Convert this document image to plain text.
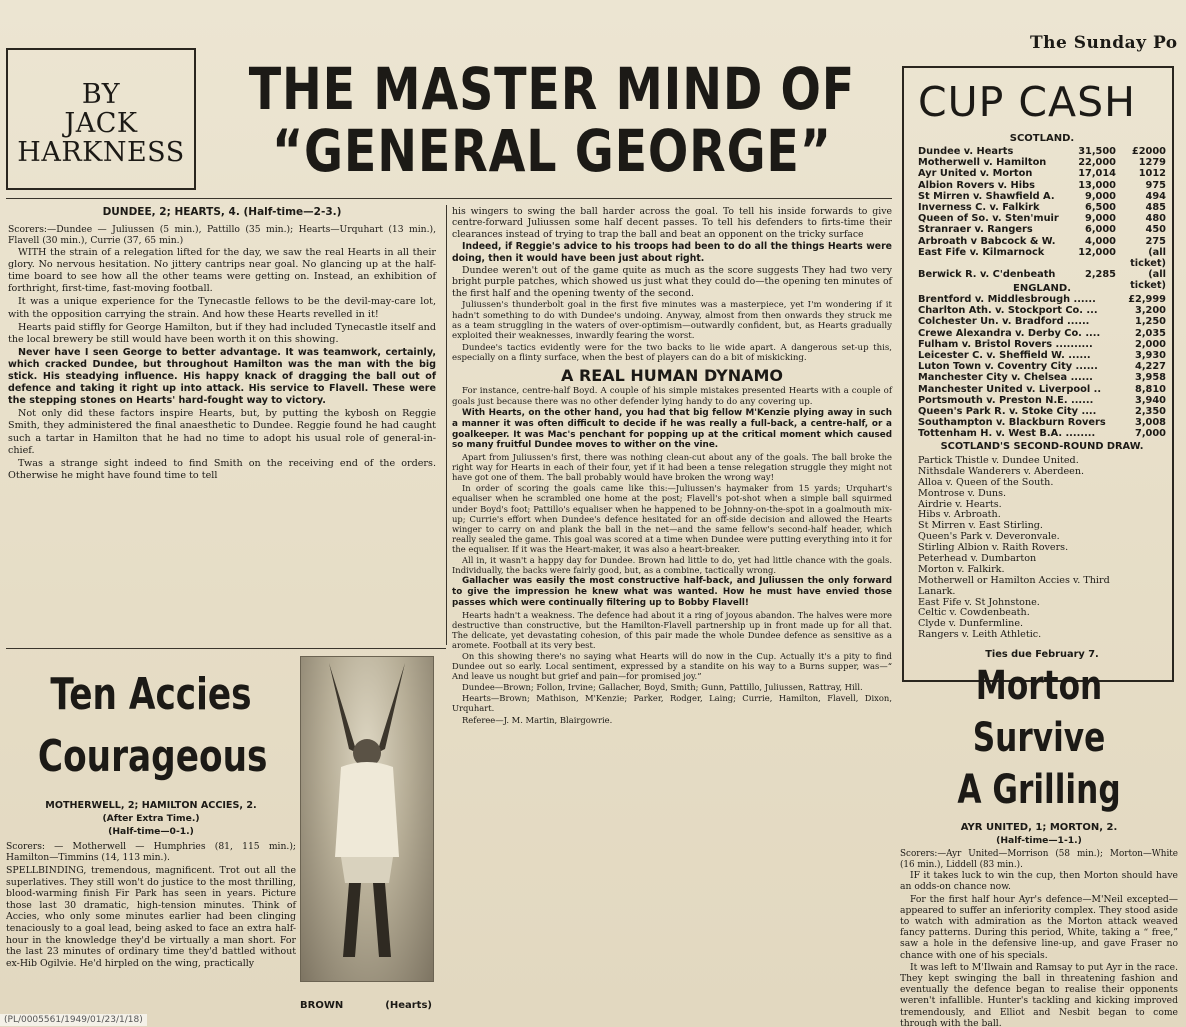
The Sunday Po
BY
JACK
HARKNESS
THE MASTER MIND OF
“GENERAL GEORGE”
DUNDEE, 2; HEARTS, 4. (Half-time—2-3.)

Scorers:—Dundee — Juliussen (5 min.), Pattillo (35 min.); Hearts—Urquhart (13 min.), Flavell (30 min.), Currie (37, 65 min.)

WITH the strain of a relegation lifted for the day, we saw the real Hearts in all their glory. No nervous hesitation. No jittery cantrips near goal. No glancing up at the half-time board to see how all the other teams were getting on. Instead, an exhibition of forthright, first-time, fast-moving football.

It was a unique experience for the Tynecastle fellows to be the devil-may-care lot, with the opposition carrying the strain. And how these Hearts revelled in it!

Hearts paid stiffly for George Hamilton, but if they had included Tynecastle itself and the local brewery be still would have been worth it on this showing.

Never have I seen George to better advantage. It was teamwork, certainly, which cracked Dundee, but throughout Hamilton was the man with the big stick. His steadying influence. His happy knack of dragging the ball out of defence and taking it right up into attack. His service to Flavell. These were the stepping stones on Hearts' hard-fought way to victory.

Not only did these factors inspire Hearts, but, by putting the kybosh on Reggie Smith, they administered the final anaesthetic to Dundee. Reggie found he had caught such a tartar in Hamilton that he had no time to adopt his usual role of general-in-chief.

Twas a strange sight indeed to find Smith on the receiving end of the orders. Otherwise he might have found time to tell

his wingers to swing the ball harder across the goal. To tell his inside forwards to give centre-forward Juliussen some half decent passes. To tell his defenders to firts-time their clearances instead of trying to trap the ball and beat an opponent on the tricky surface

Indeed, if Reggie's advice to his troops had been to do all the things Hearts were doing, then it would have been just about right.

Dundee weren't out of the game quite as much as the score suggests They had two very bright purple patches, which showed us just what they could do—the opening ten minutes of the first half and the opening twenty of the second.

Juliussen's thunderbolt goal in the first five minutes was a masterpiece, yet I'm wondering if it hadn't something to do with Dundee's undoing. Anyway, almost from then onwards they struck me as a team struggling in the waters of over-optimism—outwardly confident, but, as Hearts gradually exploited their weaknesses, inwardly fearing the worst.

Dundee's tactics evidently were for the two backs to lie wide apart. A dangerous set-up this, especially on a flinty surface, when the best of players can do a bit of miskicking.

A REAL HUMAN DYNAMO

For instance, centre-half Boyd. A couple of his simple mistakes presented Hearts with a couple of goals just because there was no other defender lying handy to do any covering up.

With Hearts, on the other hand, you had that big fellow M'Kenzie plying away in such a manner it was often difficult to decide if he was really a full-back, a centre-half, or a goalkeeper. It was Mac's penchant for popping up at the critical moment which caused so many fruitful Dundee moves to wither on the vine.

Apart from Juliussen's first, there was nothing clean-cut about any of the goals. The ball broke the right way for Hearts in each of their four, yet if it had been a tense relegation struggle they might not have got one of them. The ball probably would have broken the wrong way!

In order of scoring the goals came like this:—Juliussen's haymaker from 15 yards; Urquhart's equaliser when he scrambled one home at the post; Flavell's pot-shot when a simple ball squirmed under Boyd's foot; Pattillo's equaliser when he happened to be Johnny-on-the-spot in a goalmouth mix-up; Currie's effort when Dundee's defence hesitated for an off-side decision and allowed the Hearts winger to carry on and plank the ball in the net—and the same fellow's second-half header, which really sealed the game. This goal was scored at a time when Dundee were putting everything into it for the equaliser. If it was the Heart-maker, it was also a heart-breaker.

All in, it wasn't a happy day for Dundee. Brown had little to do, yet had little chance with the goals. Individually, the backs were fairly good, but, as a combine, tactically wrong.

Gallacher was easily the most constructive half-back, and Juliussen the only forward to give the impression he knew what was wanted. How he must have envied those passes which were continually filtering up to Bobby Flavell!

Hearts hadn't a weakness. The defence had about it a ring of joyous abandon. The halves were more destructive than constructive, but the Hamilton-Flavell partnership up in front made up for all that. The delicate, yet devastating cohesion, of this pair made the whole Dundee defence as sensitive as a aromete. Football at its very best.

On this showing there's no saying what Hearts will do now in the Cup. Actually it's a pity to find Dundee out so early. Local sentiment, expressed by a standite on his way to a Burns supper, was—“ And leave us nought but grief and pain—for promised joy.”

Dundee—Brown; Follon, Irvine; Gallacher, Boyd, Smith; Gunn, Pattillo, Juliussen, Rattray, Hill.

Hearts—Brown; Mathison, M'Kenzie; Parker, Rodger, Laing; Currie, Hamilton, Flavell, Dixon, Urquhart.

Referee—J. M. Martin, Blairgowrie.

Ten Accies
Courageous
MOTHERWELL, 2; HAMILTON ACCIES, 2.
(After Extra Time.)
(Half-time—0-1.)
Scorers: — Motherwell — Humphries (81, 115 min.); Hamilton—Timmins (14, 113 min.).
SPELLBINDING, tremendous, magnificent. Trot out all the superlatives. They still won't do justice to the most thrilling, blood-warming finish Fir Park has seen in years. Picture those last 30 dramatic, high-tension minutes. Think of Accies, who only some minutes earlier had been clinging tenaciously to a goal lead, being asked to face an extra half-hour in the knowledge they'd be virtually a man short. For the last 23 minutes of ordinary time they'd battled without ex-Hib Ogilvie. He'd hirpled on the wing, practically
BROWN	(Hearts)
CUP CASH
SCOTLAND.
Dundee v. Hearts	31,500	£2000
Motherwell v. Hamilton	22,000	1279
Ayr United v. Morton	17,014	1012
Albion Rovers v. Hibs	13,000	975
St Mirren v. Shawfield A.	9,000	494
Inverness C. v. Falkirk	6,500	485
Queen of So. v. Sten'muir	9,000	480
Stranraer v. Rangers	6,000	450
Arbroath v Babcock & W.	4,000	275
East Fife v. Kilmarnock	12,000	(all
ticket)
Berwick R. v. C'denbeath	2,285	(all
ticket)
ENGLAND.
Brentford v. Middlesbrough ......	£2,999
Charlton Ath. v. Stockport Co. ...	3,200
Colchester Un. v. Bradford ......	1,250
Crewe Alexandra v. Derby Co. ....	2,035
Fulham v. Bristol Rovers ..........	2,000
Leicester C. v. Sheffield W. ......	3,930
Luton Town v. Coventry City ......	4,227
Manchester City v. Chelsea ......	3,958
Manchester United v. Liverpool ..	8,810
Portsmouth v. Preston N.E. ......	3,940
Queen's Park R. v. Stoke City ....	2,350
Southampton v. Blackburn Rovers	3,008
Tottenham H. v. West B.A. ........	7,000
SCOTLAND'S SECOND-ROUND DRAW.
Partick Thistle v. Dundee United.
Nithsdale Wanderers v. Aberdeen.
Alloa v. Queen of the South.
Montrose v. Duns.
Airdrie v. Hearts.
Hibs v. Arbroath.
St Mirren v. East Stirling.
Queen's Park v. Deveronvale.
Stirling Albion v. Raith Rovers.
Peterhead v. Dumbarton
Morton v. Falkirk.
Motherwell or Hamilton Accies v. Third
Lanark.
East Fife v. St Johnstone.
Celtic v. Cowdenbeath.
Clyde v. Dunfermline.
Rangers v. Leith Athletic.
Ties due February 7.
Morton Survive
A Grilling
AYR UNITED, 1; MORTON, 2.
(Half-time—1-1.)
Scorers:—Ayr United—Morrison (58 min.); Morton—White (16 min.), Liddell (83 min.).

IF it takes luck to win the cup, then Morton should have an odds-on chance now.

For the first half hour Ayr's defence—M'Neil excepted—appeared to suffer an inferiority complex. They stood aside to watch with admiration as the Morton attack weaved fancy patterns. During this period, White, taking a “ free,” saw a hole in the defensive line-up, and gave Fraser no chance with one of his specials.

It was left to M'Ilwain and Ramsay to put Ayr in the race. They kept swinging the ball in threatening fashion and eventually the defence began to realise their opponents weren't infallible. Hunter's tackling and kicking improved tremendously, and Elliot and Nesbit began to come through with the ball.

(PL/0005561/1949/01/23/1/18)
